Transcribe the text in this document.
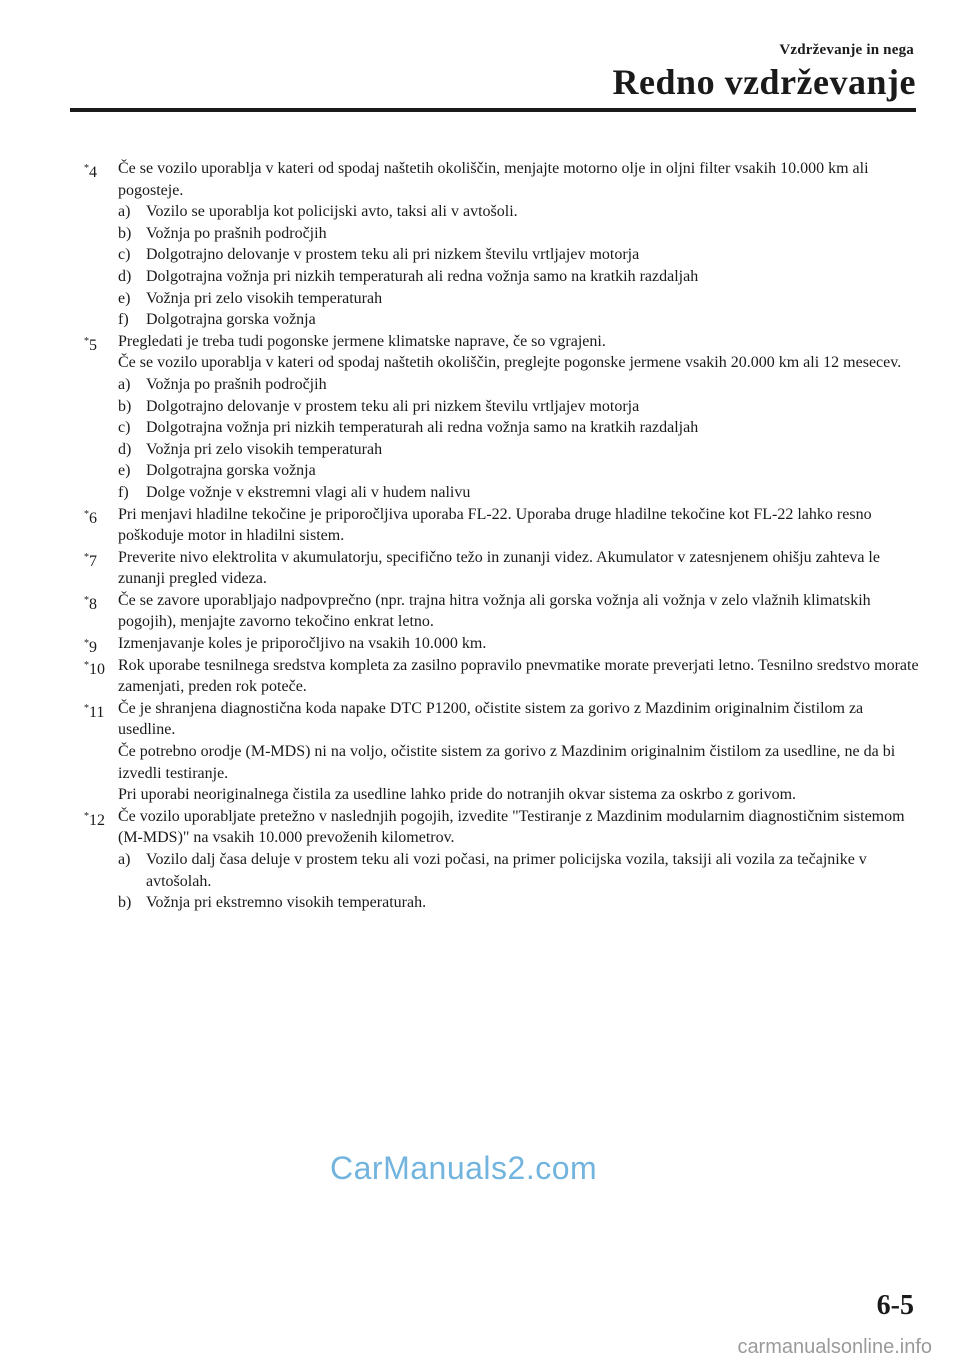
Vzdrževanje in nega
Redno vzdrževanje
*4 Če se vozilo uporablja v kateri od spodaj naštetih okoliščin, menjajte motorno olje in oljni filter vsakih 10.000 km ali pogosteje.
a) Vozilo se uporablja kot policijski avto, taksi ali v avtošoli.
b) Vožnja po prašnih področjih
c) Dolgotrajno delovanje v prostem teku ali pri nizkem številu vrtljajev motorja
d) Dolgotrajna vožnja pri nizkih temperaturah ali redna vožnja samo na kratkih razdaljah
e) Vožnja pri zelo visokih temperaturah
f) Dolgotrajna gorska vožnja
*5 Pregledati je treba tudi pogonske jermene klimatske naprave, če so vgrajeni.
Če se vozilo uporablja v kateri od spodaj naštetih okoliščin, preglejte pogonske jermene vsakih 20.000 km ali 12 mesecev.
a) Vožnja po prašnih področjih
b) Dolgotrajno delovanje v prostem teku ali pri nizkem številu vrtljajev motorja
c) Dolgotrajna vožnja pri nizkih temperaturah ali redna vožnja samo na kratkih razdaljah
d) Vožnja pri zelo visokih temperaturah
e) Dolgotrajna gorska vožnja
f) Dolge vožnje v ekstremni vlagi ali v hudem nalivu
*6 Pri menjavi hladilne tekočine je priporočljiva uporaba FL-22. Uporaba druge hladilne tekočine kot FL-22 lahko resno poškoduje motor in hladilni sistem.
*7 Preverite nivo elektrolita v akumulatorju, specifično težo in zunanji videz. Akumulator v zatesnjenem ohišju zahteva le zunanji pregled videza.
*8 Če se zavore uporabljajo nadpovprečno (npr. trajna hitra vožnja ali gorska vožnja ali vožnja v zelo vlažnih klimatskih pogojih), menjajte zavorno tekočino enkrat letno.
*9 Izmenjavanje koles je priporočljivo na vsakih 10.000 km.
*10 Rok uporabe tesnilnega sredstva kompleta za zasilno popravilo pnevmatike morate preverjati letno. Tesnilno sredstvo morate zamenjati, preden rok poteče.
*11 Če je shranjena diagnostična koda napake DTC P1200, očistite sistem za gorivo z Mazdinim originalnim čistilom za usedline.
Če potrebno orodje (M-MDS) ni na voljo, očistite sistem za gorivo z Mazdinim originalnim čistilom za usedline, ne da bi izvedli testiranje.
Pri uporabi neoriginalnega čistila za usedline lahko pride do notranjih okvar sistema za oskrbo z gorivom.
*12 Če vozilo uporabljate pretežno v naslednjih pogojih, izvedite "Testiranje z Mazdinim modularnim diagnostičnim sistemom (M-MDS)" na vsakih 10.000 prevoženih kilometrov.
a) Vozilo dalj časa deluje v prostem teku ali vozi počasi, na primer policijska vozila, taksiji ali vozila za tečajnike v avtošolah.
b) Vožnja pri ekstremno visokih temperaturah.
CarManuals2.com
6-5
carmanualsonline.info
